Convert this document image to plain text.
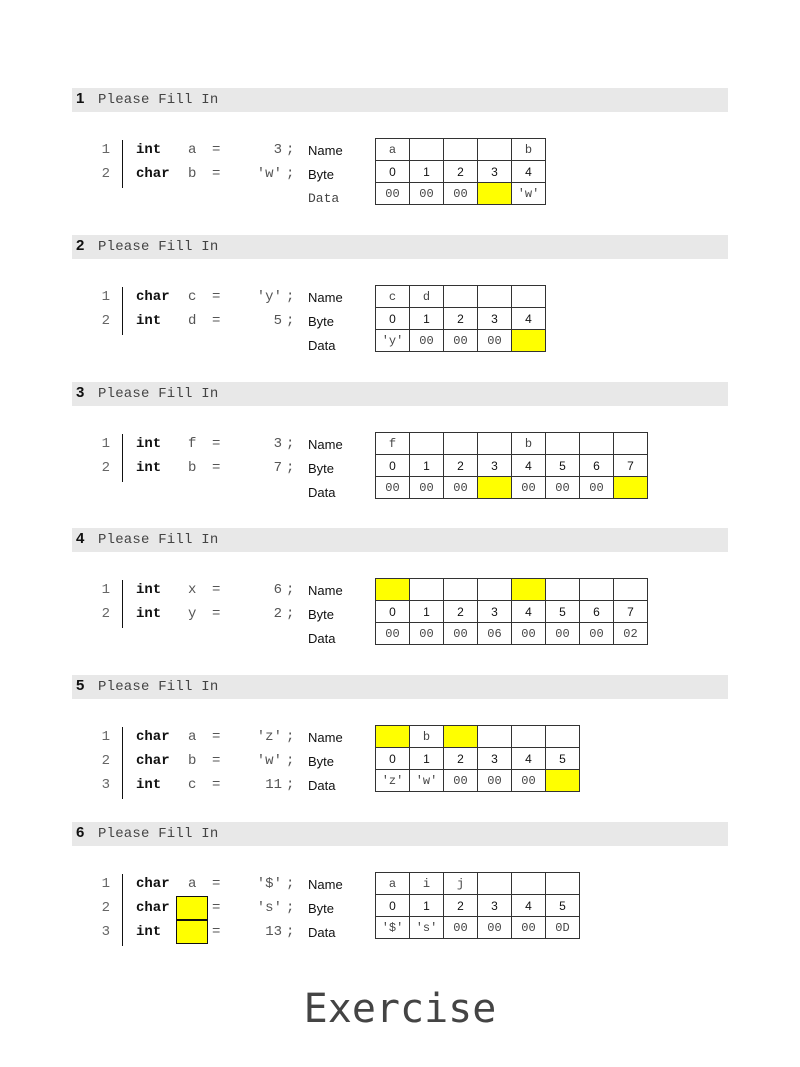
1 Please Fill In
1 int a =	3 ; Name
2 char b =	'w' ; Byte
Data
a				b
0	1	2	3	4
00	00	00		'w'
2 Please Fill In
1 char c =	'y' ; Name
2 int d =	5 ; Byte
Data
c	d			
0	1	2	3	4
'y'	00	00	00	
3 Please Fill In
1 int f =	3 ; Name
2 int b =	7 ; Byte
Data
f				b			
0	1	2	3	4	5	6	7
00	00	00		00	00	00	
4 Please Fill In
1 int x =	6 ; Name
2 int y =	2 ; Byte
Data

0	1	2	3	4	5	6	7
00	00	00	06	00	00	00	02
5 Please Fill In
1 char a =	'z' ; Name
2 char b =	'w' ; Byte
3 int c =	11 ; Data
	b				
0	1	2	3	4	5
'z'	'w'	00	00	00	
6 Please Fill In
1 char a =	'$' ; Name
2 char	=	's' ; Byte
3 int	=	13 ; Data
a	i	j			
0	1	2	3	4	5
'$'	's'	00	00	00	0D
Exercise
